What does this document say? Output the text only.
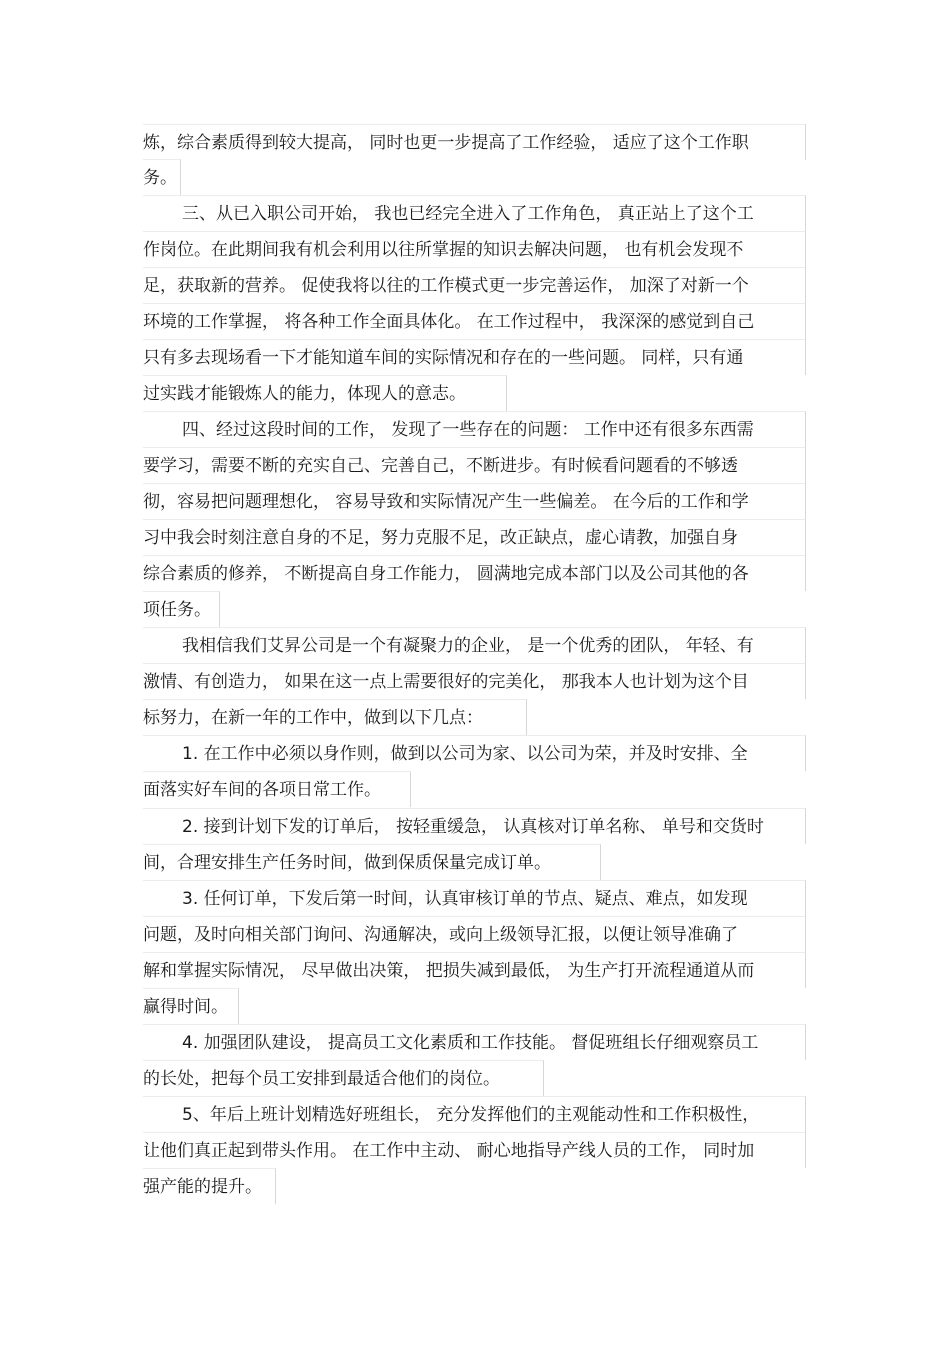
炼，综合素质得到较大提高， 同时也更一步提高了工作经验， 适应了这个工作职
务。
三、从已入职公司开始， 我也已经完全进入了工作角色， 真正站上了这个工
作岗位。在此期间我有机会利用以往所掌握的知识去解决问题， 也有机会发现不
足，获取新的营养。 促使我将以往的工作模式更一步完善运作， 加深了对新一个
环境的工作掌握， 将各种工作全面具体化。 在工作过程中， 我深深的感觉到自己
只有多去现场看一下才能知道车间的实际情况和存在的一些问题。 同样，只有通
过实践才能锻炼人的能力，体现人的意志。
四、经过这段时间的工作， 发现了一些存在的问题： 工作中还有很多东西需
要学习，需要不断的充实自己、完善自己，不断进步。有时候看问题看的不够透
彻，容易把问题理想化， 容易导致和实际情况产生一些偏差。 在今后的工作和学
习中我会时刻注意自身的不足，努力克服不足，改正缺点，虚心请教，加强自身
综合素质的修养， 不断提高自身工作能力， 圆满地完成本部门以及公司其他的各
项任务。
我相信我们艾昇公司是一个有凝聚力的企业， 是一个优秀的团队， 年轻、有
激情、有创造力， 如果在这一点上需要很好的完美化， 那我本人也计划为这个目
标努力，在新一年的工作中，做到以下几点：
1. 在工作中必须以身作则，做到以公司为家、以公司为荣，并及时安排、全
面落实好车间的各项日常工作。
2. 接到计划下发的订单后， 按轻重缓急， 认真核对订单名称、 单号和交货时
间，合理安排生产任务时间，做到保质保量完成订单。
3. 任何订单，下发后第一时间，认真审核订单的节点、疑点、难点，如发现
问题，及时向相关部门询问、沟通解决，或向上级领导汇报，以便让领导准确了
解和掌握实际情况， 尽早做出决策， 把损失减到最低， 为生产打开流程通道从而
赢得时间。
4. 加强团队建设， 提高员工文化素质和工作技能。 督促班组长仔细观察员工
的长处，把每个员工安排到最适合他们的岗位。
5、年后上班计划精选好班组长， 充分发挥他们的主观能动性和工作积极性，
让他们真正起到带头作用。 在工作中主动、 耐心地指导产线人员的工作， 同时加
强产能的提升。
